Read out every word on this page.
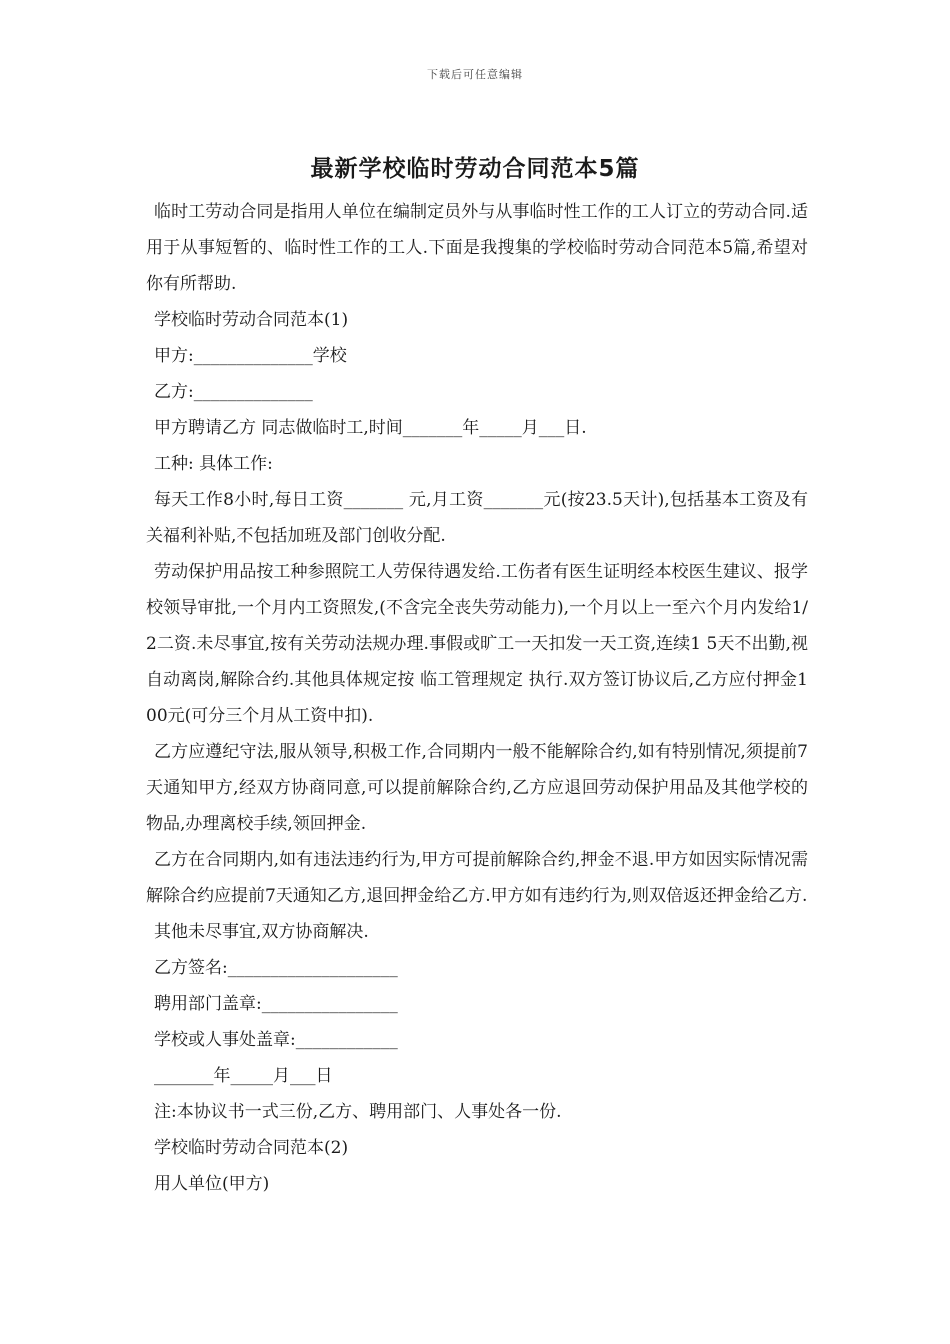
下载后可任意编辑
最新学校临时劳动合同范本5篇

临时工劳动合同是指用人单位在编制定员外与从事临时性工作的工人订立的劳动合同.适用于从事短暂的、临时性工作的工人.下面是我搜集的学校临时劳动合同范本5篇,希望对你有所帮助.

学校临时劳动合同范本(1)

甲方:______________学校

乙方:______________

甲方聘请乙方 同志做临时工,时间_______年_____月___日.

工种: 具体工作:

每天工作8小时,每日工资_______ 元,月工资_______元(按23.5天计),包括基本工资及有关福利补贴,不包括加班及部门创收分配.

劳动保护用品按工种参照院工人劳保待遇发给.工伤者有医生证明经本校医生建议、报学校领导审批,一个月内工资照发,(不含完全丧失劳动能力),一个月以上一至六个月内发给1/2二资.未尽事宜,按有关劳动法规办理.事假或旷工一天扣发一天工资,连续1 5天不出勤,视自动离岗,解除合约.其他具体规定按 临工管理规定 执行.双方签订协议后,乙方应付押金100元(可分三个月从工资中扣).

乙方应遵纪守法,服从领导,积极工作,合同期内一般不能解除合约,如有特别情况,须提前7天通知甲方,经双方协商同意,可以提前解除合约,乙方应退回劳动保护用品及其他学校的物品,办理离校手续,领回押金.

乙方在合同期内,如有违法违约行为,甲方可提前解除合约,押金不退.甲方如因实际情况需解除合约应提前7天通知乙方,退回押金给乙方.甲方如有违约行为,则双倍返还押金给乙方.

其他未尽事宜,双方协商解决.

乙方签名:____________________

聘用部门盖章:________________

学校或人事处盖章:____________

_______年_____月___日

注:本协议书一式三份,乙方、聘用部门、人事处各一份.

学校临时劳动合同范本(2)

用人单位(甲方)
